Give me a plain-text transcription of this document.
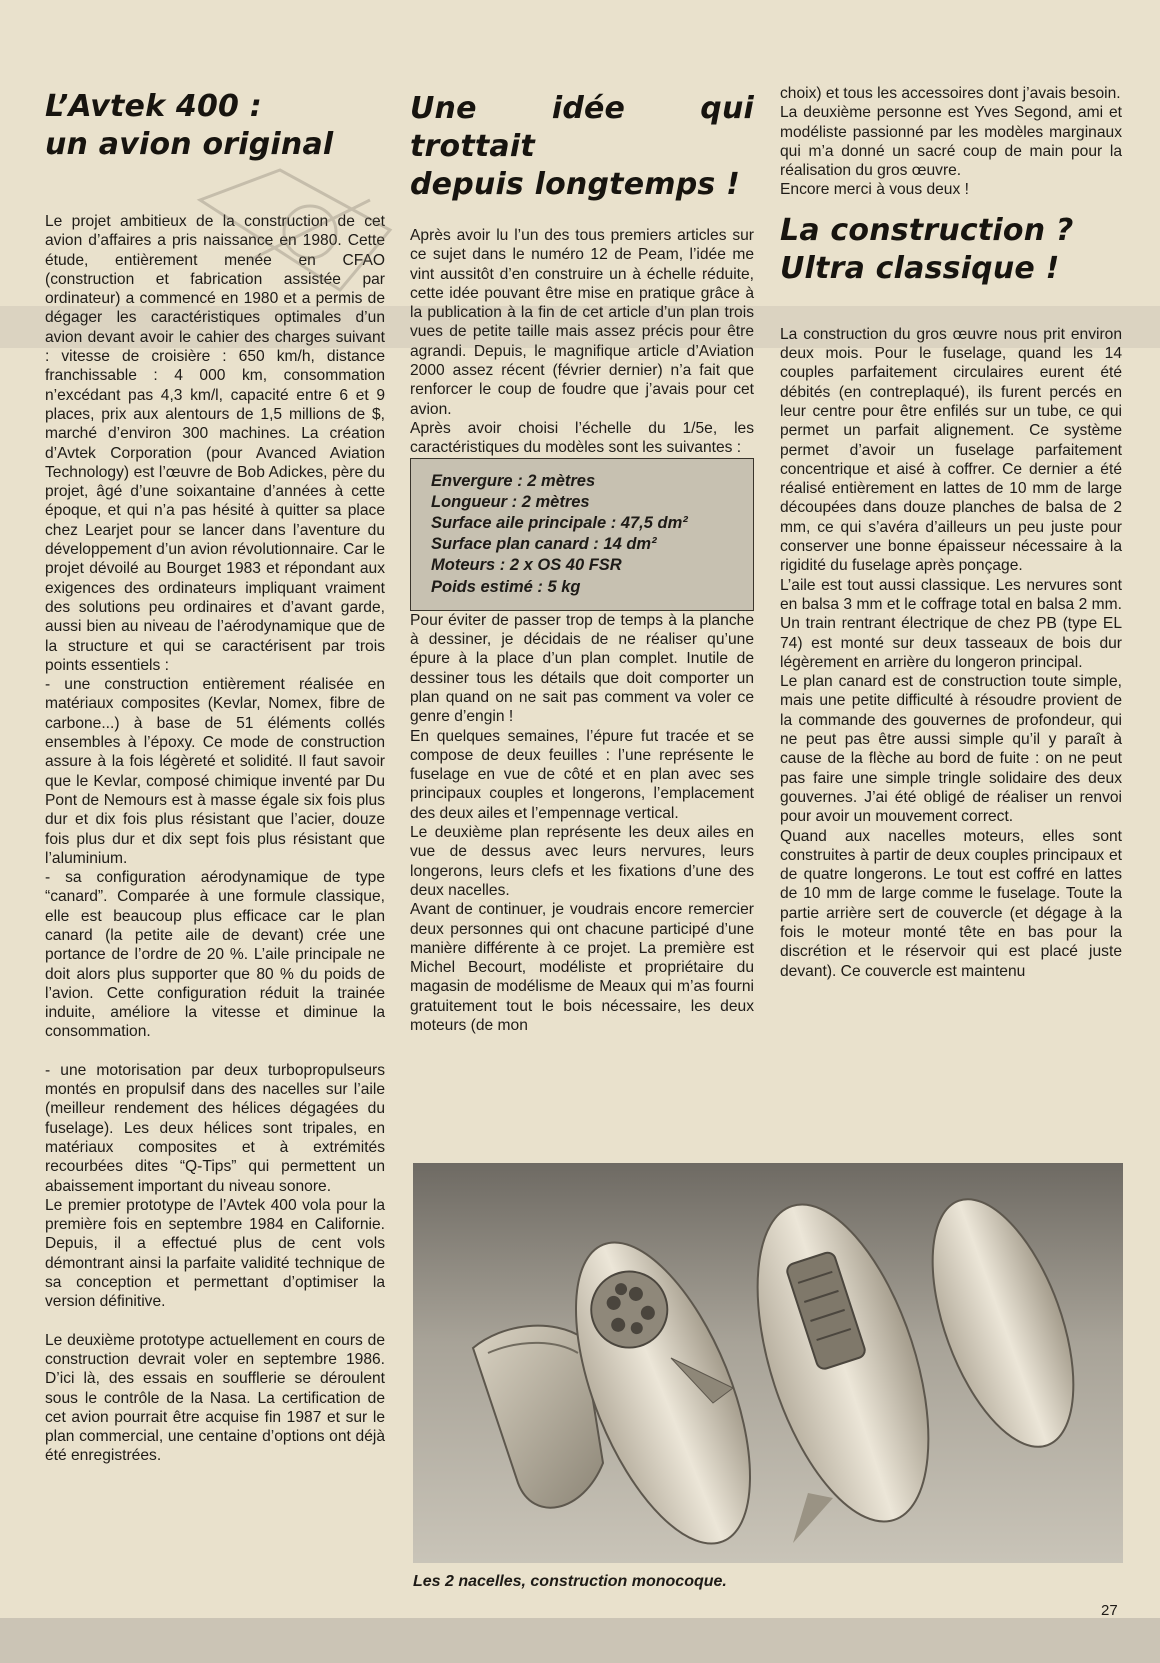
L’Avtek 400 :
un avion original

Le projet ambitieux de la construction de cet avion d’affaires a pris naissance en 1980. Cette étude, entièrement menée en CFAO (construction et fabrication assistée par ordinateur) a commencé en 1980 et a permis de dégager les caractéristiques optimales d’un avion devant avoir le cahier des charges suivant : vitesse de croisière : 650 km/h, distance franchissable : 4 000 km, consommation n’excédant pas 4,3 km/l, capacité entre 6 et 9 places, prix aux alentours de 1,5 millions de $, marché d’environ 300 machines. La création d’Avtek Corporation (pour Avanced Aviation Technology) est l’œuvre de Bob Adickes, père du projet, âgé d’une soixantaine d’années à cette époque, et qui n’a pas hésité à quitter sa place chez Learjet pour se lancer dans l’aventure du développement d’un avion révolutionnaire. Car le projet dévoilé au Bourget 1983 et répondant aux exigences des ordinateurs impliquant vraiment des solutions peu ordinaires et d’avant garde, aussi bien au niveau de l’aérodynamique que de la structure et qui se caractérisent par trois points essentiels :

- une construction entièrement réalisée en matériaux composites (Kevlar, Nomex, fibre de carbone...) à base de 51 éléments collés ensembles à l’époxy. Ce mode de construction assure à la fois légèreté et solidité. Il faut savoir que le Kevlar, composé chimique inventé par Du Pont de Nemours est à masse égale six fois plus dur et dix fois plus résistant que l’acier, douze fois plus dur et dix sept fois plus résistant que l’aluminium.

- sa configuration aérodynamique de type “canard”. Comparée à une formule classique, elle est beaucoup plus efficace car le plan canard (la petite aile de devant) crée une portance de l’ordre de 20 %. L’aile principale ne doit alors plus supporter que 80 % du poids de l’avion. Cette configuration réduit la trainée induite, améliore la vitesse et diminue la consommation.

- une motorisation par deux turbopropulseurs montés en propulsif dans des nacelles sur l’aile (meilleur rendement des hélices dégagées du fuselage). Les deux hélices sont tripales, en matériaux composites et à extrémités recourbées dites “Q-Tips” qui permettent un abaissement important du niveau sonore.

Le premier prototype de l’Avtek 400 vola pour la première fois en septembre 1984 en Californie. Depuis, il a effectué plus de cent vols démontrant ainsi la parfaite validité technique de sa conception et permettant d’optimiser la version définitive.

Le deuxième prototype actuellement en cours de construction devrait voler en septembre 1986. D’ici là, des essais en soufflerie se déroulent sous le contrôle de la Nasa. La certification de cet avion pourrait être acquise fin 1987 et sur le plan commercial, une centaine d’options ont déjà été enregistrées.

Une idée qui trottait
depuis longtemps !

Après avoir lu l’un des tous premiers articles sur ce sujet dans le numéro 12 de Peam, l’idée me vint aussitôt d’en construire un à échelle réduite, cette idée pouvant être mise en pratique grâce à la publication à la fin de cet article d’un plan trois vues de petite taille mais assez précis pour être agrandi. Depuis, le magnifique article d’Aviation 2000 assez récent (février dernier) n’a fait que renforcer le coup de foudre que j’avais pour cet avion.

Après avoir choisi l’échelle du 1/5e, les caractéristiques du modèles sont les suivantes :

Envergure : 2 mètres
Longueur : 2 mètres
Surface aile principale : 47,5 dm²
Surface plan canard : 14 dm²
Moteurs : 2 x OS 40 FSR
Poids estimé : 5 kg

Pour éviter de passer trop de temps à la planche à dessiner, je décidais de ne réaliser qu’une épure à la place d’un plan complet. Inutile de dessiner tous les détails que doit comporter un plan quand on ne sait pas comment va voler ce genre d’engin !

En quelques semaines, l’épure fut tracée et se compose de deux feuilles : l’une représente le fuselage en vue de côté et en plan avec ses principaux couples et longerons, l’emplacement des deux ailes et l’empennage vertical.

Le deuxième plan représente les deux ailes en vue de dessus avec leurs nervures, leurs longerons, leurs clefs et les fixations d’une des deux nacelles.

Avant de continuer, je voudrais encore remercier deux personnes qui ont chacune participé d’une manière différente à ce projet. La première est Michel Becourt, modéliste et propriétaire du magasin de modélisme de Meaux qui m’as fourni gratuitement tout le bois nécessaire, les deux moteurs (de mon

choix) et tous les accessoires dont j’avais besoin.

La deuxième personne est Yves Segond, ami et modéliste passionné par les modèles marginaux qui m’a donné un sacré coup de main pour la réalisation du gros œuvre.

Encore merci à vous deux !

La construction ?
Ultra classique !

La construction du gros œuvre nous prit environ deux mois. Pour le fuselage, quand les 14 couples parfaitement circulaires eurent été débités (en contreplaqué), ils furent percés en leur centre pour être enfilés sur un tube, ce qui permet un parfait alignement. Ce système permet d’avoir un fuselage parfaitement concentrique et aisé à coffrer. Ce dernier a été réalisé entièrement en lattes de 10 mm de large découpées dans douze planches de balsa de 2 mm, ce qui s’avéra d’ailleurs un peu juste pour conserver une bonne épaisseur nécessaire à la rigidité du fuselage après ponçage.

L’aile est tout aussi classique. Les nervures sont en balsa 3 mm et le coffrage total en balsa 2 mm. Un train rentrant électrique de chez PB (type EL 74) est monté sur deux tasseaux de bois dur légèrement en arrière du longeron principal.

Le plan canard est de construction toute simple, mais une petite difficulté à résoudre provient de la commande des gouvernes de profondeur, qui ne peut pas être aussi simple qu’il y paraît à cause de la flèche au bord de fuite : on ne peut pas faire une simple tringle solidaire des deux gouvernes. J’ai été obligé de réaliser un renvoi pour avoir un mouvement correct.

Quand aux nacelles moteurs, elles sont construites à partir de deux couples principaux et de quatre longerons. Le tout est coffré en lattes de 10 mm de large comme le fuselage. Toute la partie arrière sert de couvercle (et dégage à la fois le moteur monté tête en bas pour la discrétion et le réservoir qui est placé juste devant). Ce couvercle est maintenu

Les 2 nacelles, construction monocoque.
27
